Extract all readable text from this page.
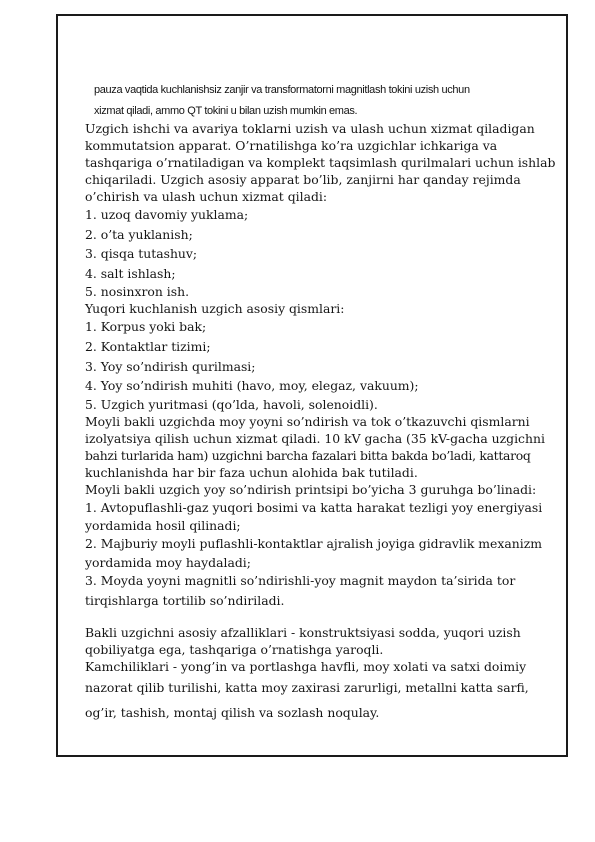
pauza vaqtida kuchlanishsiz zanjir va transformatorni magnitlash tokini uzish uchun
xizmat qiladi, ammo QT tokini u bilan uzish mumkin emas.

Uzgich ishchi va avariya toklarni uzish va ulash uchun xizmat qiladigan

kommutatsion apparat. O’rnatilishga ko’ra uzgichlar ichkariga va

tashqariga o’rnatiladigan va komplekt taqsimlash qurilmalari uchun ishlab

chiqariladi. Uzgich asosiy apparat bo’lib, zanjirni har qanday rejimda

o’chirish va ulash uchun xizmat qiladi:

1. uzoq davomiy yuklama;

2. o’ta yuklanish;

3. qisqa tutashuv;

4. salt ishlash;

5. nosinxron ish.

Yuqori kuchlanish uzgich asosiy qismlari:

1. Korpus yoki bak;

2. Kontaktlar tizimi;

3. Yoy so’ndirish qurilmasi;

4. Yoy so’ndirish muhiti (havo, moy, elegaz, vakuum);

5. Uzgich yuritmasi (qo’lda, havoli, solenoidli).

Moyli bakli uzgichda moy yoyni so’ndirish va tok o’tkazuvchi qismlarni

izolyatsiya qilish uchun xizmat qiladi. 10 kV gacha (35 kV-gacha uzgichni

bahzi turlarida ham) uzgichni barcha fazalari bitta bakda bo’ladi, kattaroq

kuchlanishda har bir faza uchun alohida bak tutiladi.

Moyli bakli uzgich yoy so’ndirish printsipi bo’yicha 3 guruhga bo’linadi:

1. Avtopuflashli-gaz yuqori bosimi va katta harakat tezligi yoy energiyasi

yordamida hosil qilinadi;

2. Majburiy moyli puflashli-kontaktlar ajralish joyiga gidravlik mexanizm

yordamida moy haydaladi;

3. Moyda yoyni magnitli so’ndirishli-yoy magnit maydon ta’sirida tor

tirqishlarga tortilib so’ndiriladi.

Bakli uzgichni asosiy afzalliklari - konstruktsiyasi sodda, yuqori uzish

qobiliyatga ega, tashqariga o’rnatishga yaroqli.

Kamchiliklari - yong’in va portlashga havfli, moy xolati va satxi doimiy

nazorat qilib turilishi, katta moy zaxirasi zarurligi, metallni katta sarfi,

og’ir, tashish, montaj qilish va sozlash noqulay.
